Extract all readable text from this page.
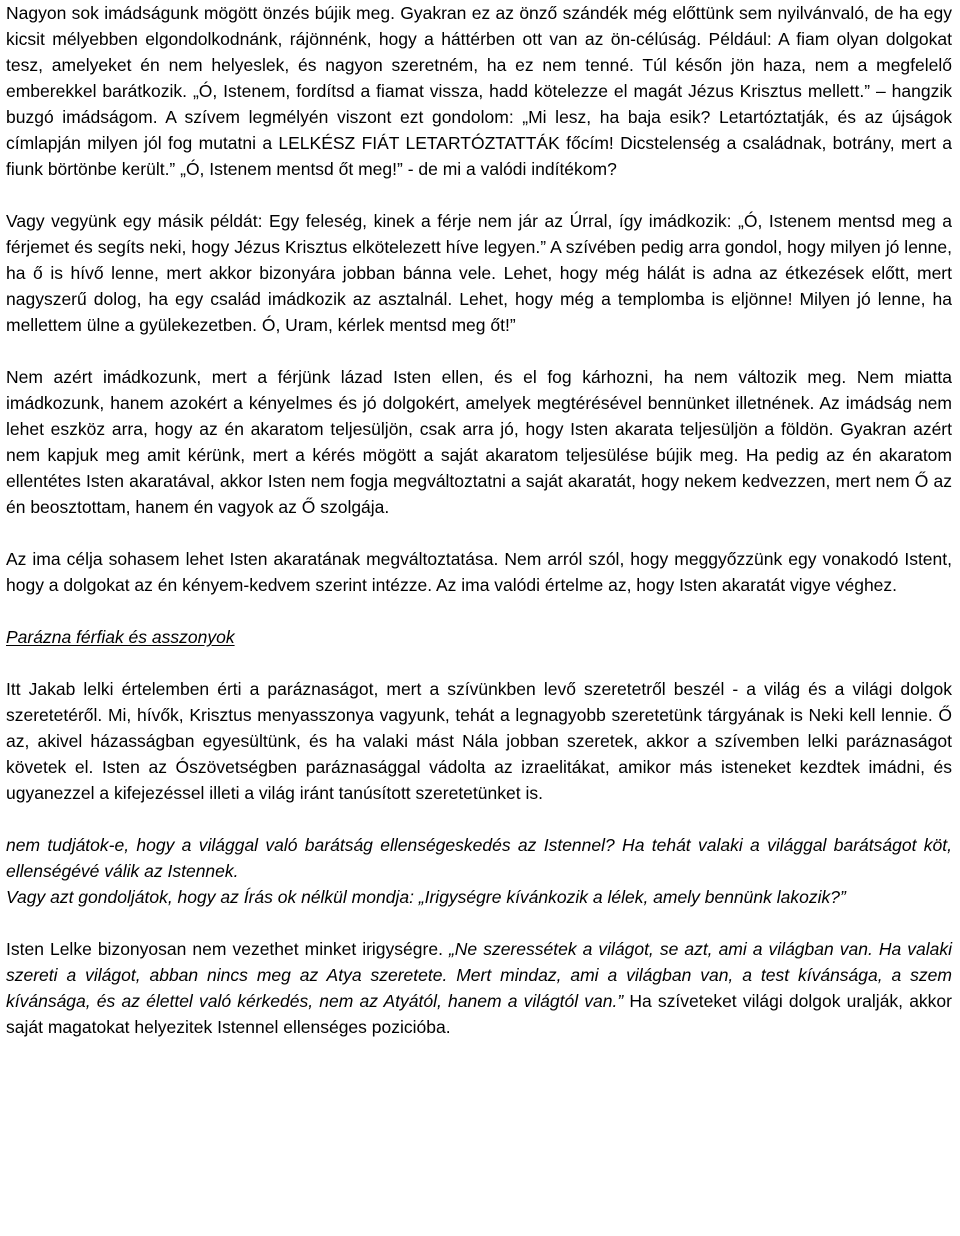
Nagyon sok imádságunk mögött önzés bújik meg. Gyakran ez az önző szándék még előttünk sem nyilvánvaló, de ha egy kicsit mélyebben elgondolkodnánk, rájönnénk, hogy a háttérben ott van az ön-célúság. Például: A fiam olyan dolgokat tesz, amelyeket én nem helyeslek, és nagyon szeretném, ha ez nem tenné. Túl későn jön haza, nem a megfelelő emberekkel barátkozik. „Ó, Istenem, fordítsd a fiamat vissza, hadd kötelezze el magát Jézus Krisztus mellett.” – hangzik buzgó imádságom. A szívem legmélyén viszont ezt gondolom: „Mi lesz, ha baja esik? Letartóztatják, és az újságok címlapján milyen jól fog mutatni a LELKÉSZ FIÁT LETARTÓZTATTÁK főcím! Dicstelenség a családnak, botrány, mert a fiunk börtönbe került.” „Ó, Istenem mentsd őt meg!” - de mi a valódi indítékom?

Vagy vegyünk egy másik példát: Egy feleség, kinek a férje nem jár az Úrral, így imádkozik: „Ó, Istenem mentsd meg a férjemet és segíts neki, hogy Jézus Krisztus elkötelezett híve legyen.” A szívében pedig arra gondol, hogy milyen jó lenne, ha ő is hívő lenne, mert akkor bizonyára jobban bánna vele. Lehet, hogy még hálát is adna az étkezések előtt, mert nagyszerű dolog, ha egy család imádkozik az asztalnál. Lehet, hogy még a templomba is eljönne! Milyen jó lenne, ha mellettem ülne a gyülekezetben. Ó, Uram, kérlek mentsd meg őt!”

Nem azért imádkozunk, mert a férjünk lázad Isten ellen, és el fog kárhozni, ha nem változik meg. Nem miatta imádkozunk, hanem azokért a kényelmes és jó dolgokért, amelyek megtérésével bennünket illetnének. Az imádság nem lehet eszköz arra, hogy az én akaratom teljesüljön, csak arra jó, hogy Isten akarata teljesüljön a földön. Gyakran azért nem kapjuk meg amit kérünk, mert a kérés mögött a saját akaratom teljesülése bújik meg. Ha pedig az én akaratom ellentétes Isten akaratával, akkor Isten nem fogja megváltoztatni a saját akaratát, hogy nekem kedvezzen, mert nem Ő az én beosztottam, hanem én vagyok az Ő szolgája.

Az ima célja sohasem lehet Isten akaratának megváltoztatása. Nem arról szól, hogy meggyőzzünk egy vonakodó Istent, hogy a dolgokat az én kényem-kedvem szerint intézze. Az ima valódi értelme az, hogy Isten akaratát vigye véghez.

Parázna férfiak és asszonyok

Itt Jakab lelki értelemben érti a paráznaságot, mert a szívünkben levő szeretetről beszél - a világ és a világi dolgok szeretetéről. Mi, hívők, Krisztus menyasszonya vagyunk, tehát a legnagyobb szeretetünk tárgyának is Neki kell lennie. Ő az, akivel házasságban egyesültünk, és ha valaki mást Nála jobban szeretek, akkor a szívemben lelki paráznaságot követek el. Isten az Ószövetségben paráznasággal vádolta az izraelitákat, amikor más isteneket kezdtek imádni, és ugyanezzel a kifejezéssel illeti a világ iránt tanúsított szeretetünket is.

nem tudjátok-e, hogy a világgal való barátság ellenségeskedés az Istennel? Ha tehát valaki a világgal barátságot köt, ellenségévé válik az Istennek.

Vagy azt gondoljátok, hogy az Írás ok nélkül mondja: „Irigységre kívánkozik a lélek, amely bennünk lakozik?”

Isten Lelke bizonyosan nem vezethet minket irigységre. „Ne szeressétek a világot, se azt, ami a világban van. Ha valaki szereti a világot, abban nincs meg az Atya szeretete. Mert mindaz, ami a világban van, a test kívánsága, a szem kívánsága, és az élettel való kérkedés, nem az Atyától, hanem a világtól van.” Ha szíveteket világi dolgok uralják, akkor saját magatokat helyezitek Istennel ellenséges pozicióba.
